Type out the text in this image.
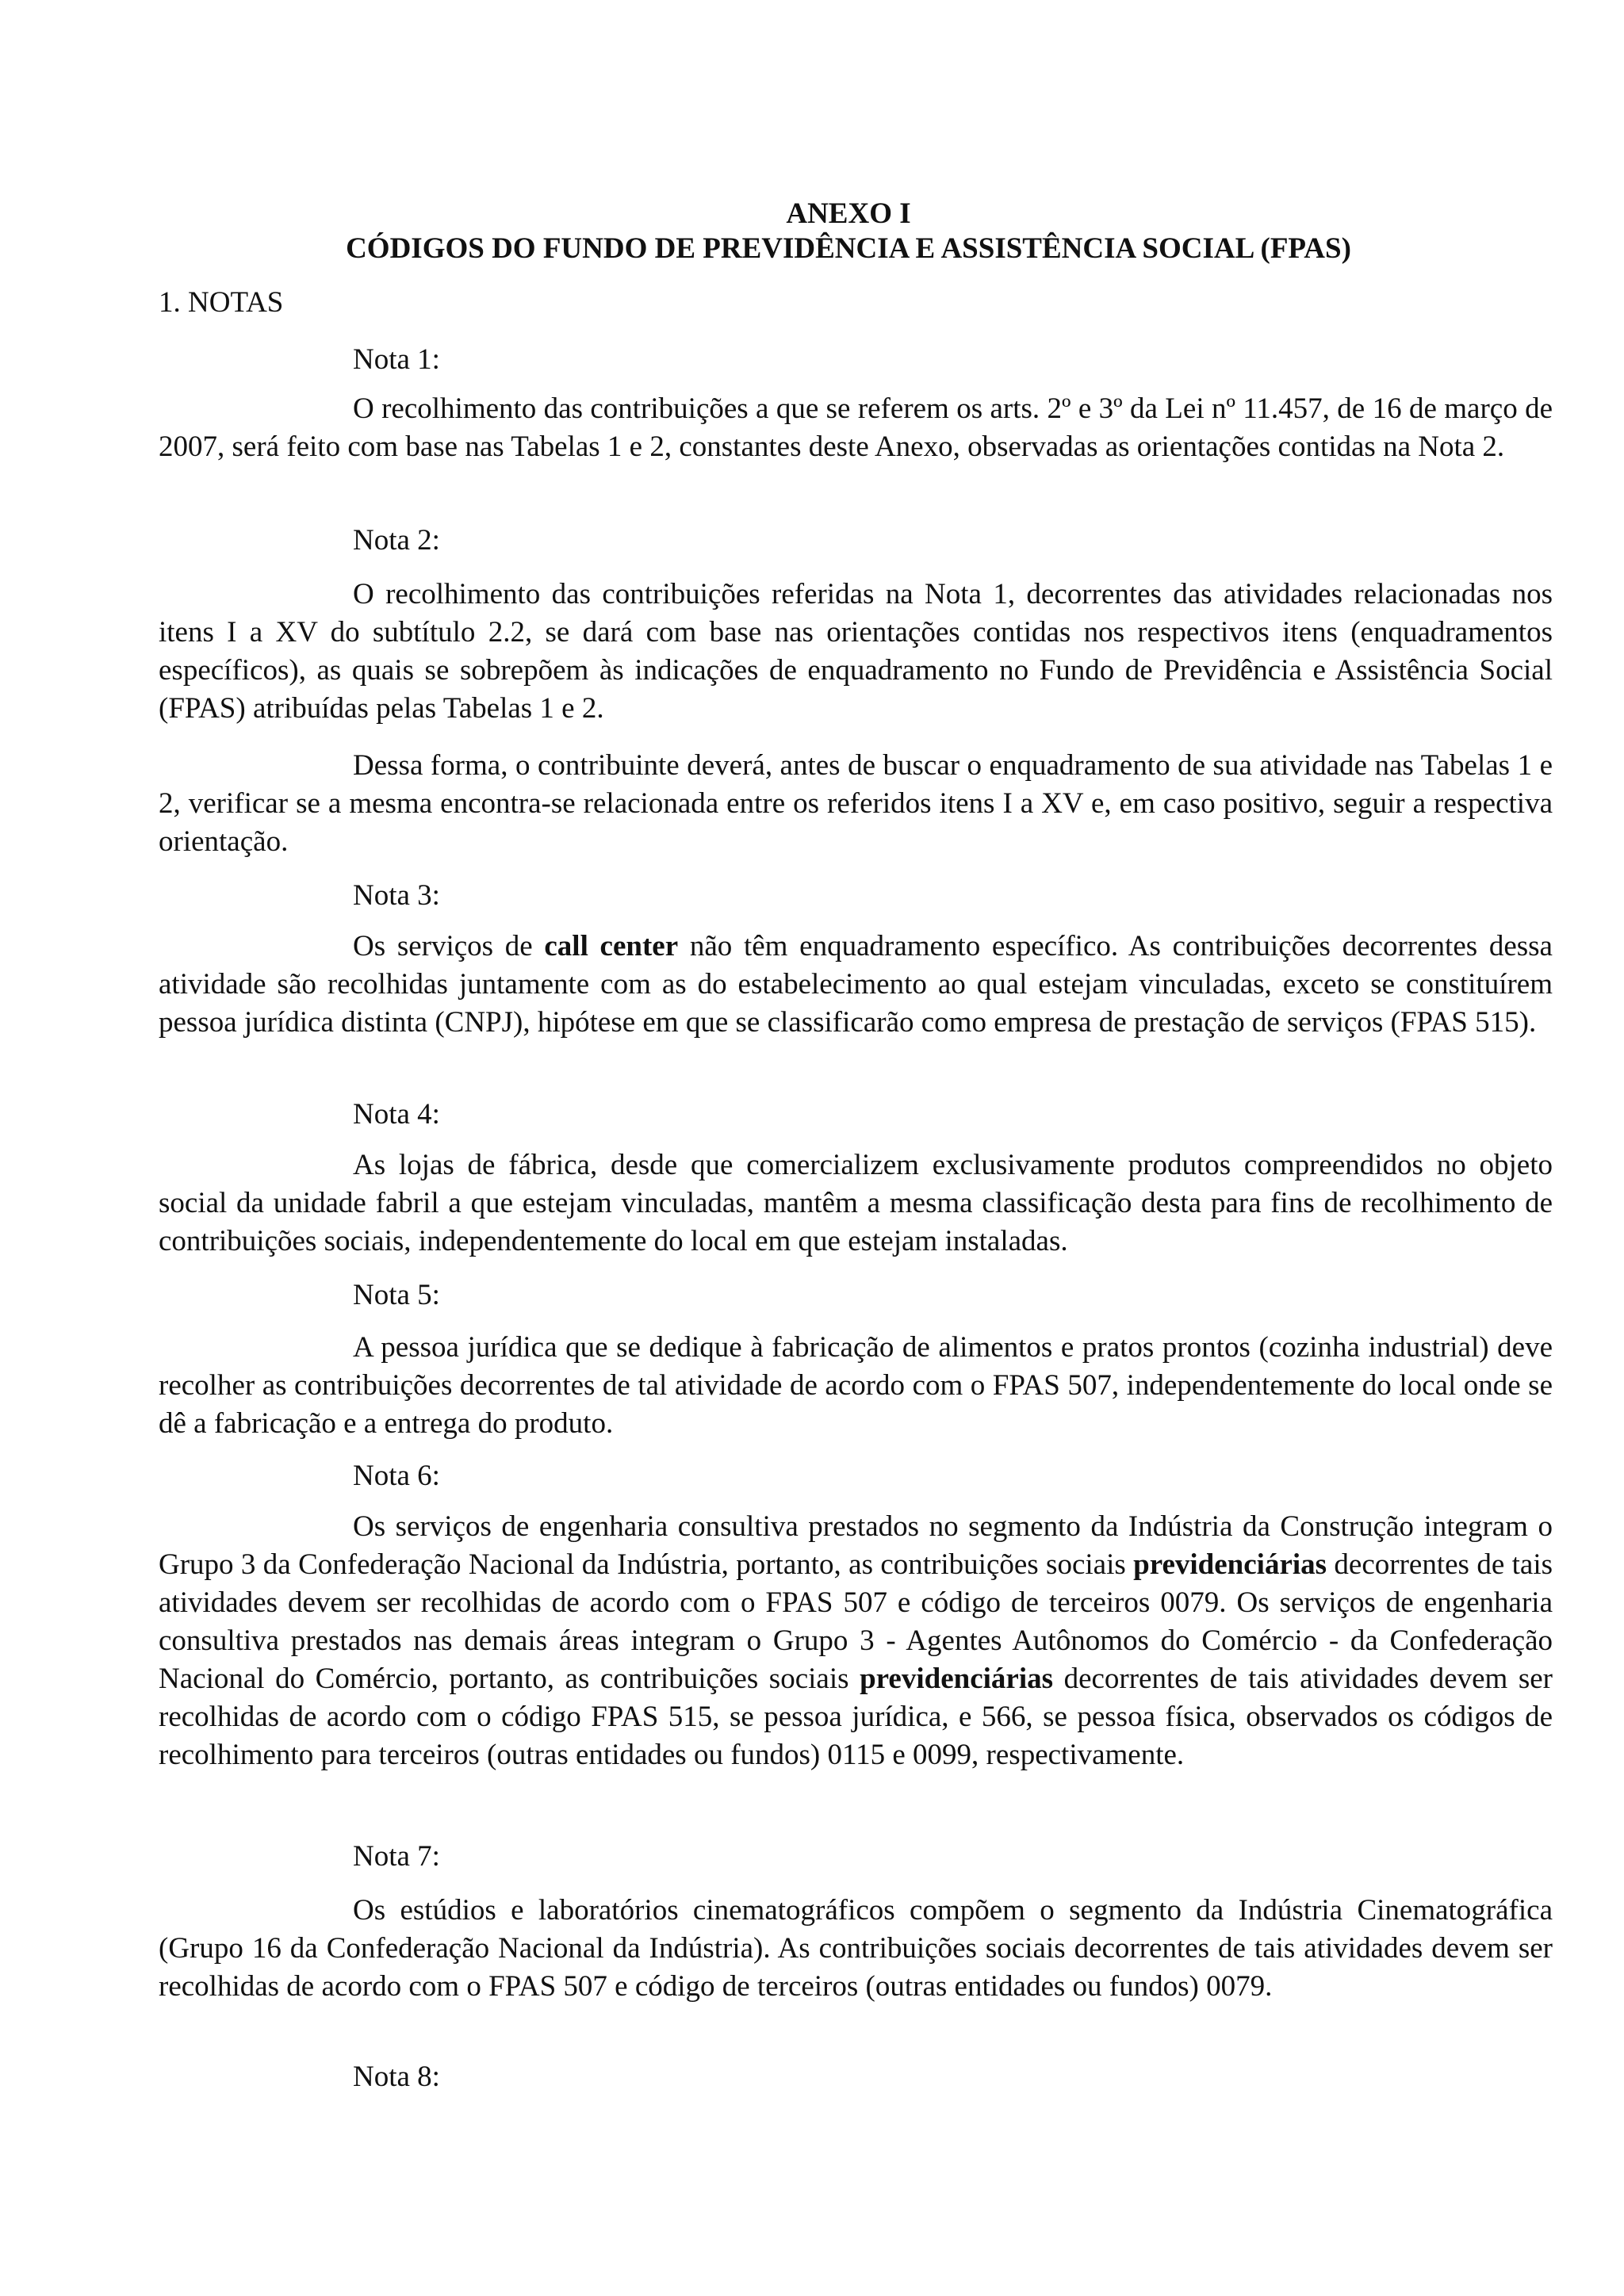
ANEXO I
CÓDIGOS DO FUNDO DE PREVIDÊNCIA E ASSISTÊNCIA SOCIAL (FPAS)
1. NOTAS
Nota 1:

O recolhimento das contribuições a que se referem os arts. 2º e 3º da Lei nº 11.457, de 16 de março de 2007, será feito com base nas Tabelas 1 e 2, constantes deste Anexo, observadas as orientações contidas na Nota 2.

Nota 2:

O recolhimento das contribuições referidas na Nota 1, decorrentes das atividades relacionadas nos itens I a XV do subtítulo 2.2, se dará com base nas orientações contidas nos respectivos itens (enquadramentos específicos), as quais se sobrepõem às indicações de enquadramento no Fundo de Previdência e Assistência Social (FPAS) atribuídas pelas Tabelas 1 e 2.

Dessa forma, o contribuinte deverá, antes de buscar o enquadramento de sua atividade nas Tabelas 1 e 2, verificar se a mesma encontra-se relacionada entre os referidos itens I a XV e, em caso positivo, seguir a respectiva orientação.

Nota 3:

Os serviços de call center não têm enquadramento específico. As contribuições decorrentes dessa atividade são recolhidas juntamente com as do estabelecimento ao qual estejam vinculadas, exceto se constituírem pessoa jurídica distinta (CNPJ), hipótese em que se classificarão como empresa de prestação de serviços (FPAS 515).

Nota 4:

As lojas de fábrica, desde que comercializem exclusivamente produtos compreendidos no objeto social da unidade fabril a que estejam vinculadas, mantêm a mesma classificação desta para fins de recolhimento de contribuições sociais, independentemente do local em que estejam instaladas.

Nota 5:

A pessoa jurídica que se dedique à fabricação de alimentos e pratos prontos (cozinha industrial) deve recolher as contribuições decorrentes de tal atividade de acordo com o FPAS 507, independentemente do local onde se dê a fabricação e a entrega do produto.

Nota 6:

Os serviços de engenharia consultiva prestados no segmento da Indústria da Construção integram o Grupo 3 da Confederação Nacional da Indústria, portanto, as contribuições sociais previdenciárias decorrentes de tais atividades devem ser recolhidas de acordo com o FPAS 507 e código de terceiros 0079. Os serviços de engenharia consultiva prestados nas demais áreas integram o Grupo 3 - Agentes Autônomos do Comércio - da Confederação Nacional do Comércio, portanto, as contribuições sociais previdenciárias decorrentes de tais atividades devem ser recolhidas de acordo com o código FPAS 515, se pessoa jurídica, e 566, se pessoa física, observados os códigos de recolhimento para terceiros (outras entidades ou fundos) 0115 e 0099, respectivamente.

Nota 7:

Os estúdios e laboratórios cinematográficos compõem o segmento da Indústria Cinematográfica (Grupo 16 da Confederação Nacional da Indústria). As contribuições sociais decorrentes de tais atividades devem ser recolhidas de acordo com o FPAS 507 e código de terceiros (outras entidades ou fundos) 0079.

Nota 8:
